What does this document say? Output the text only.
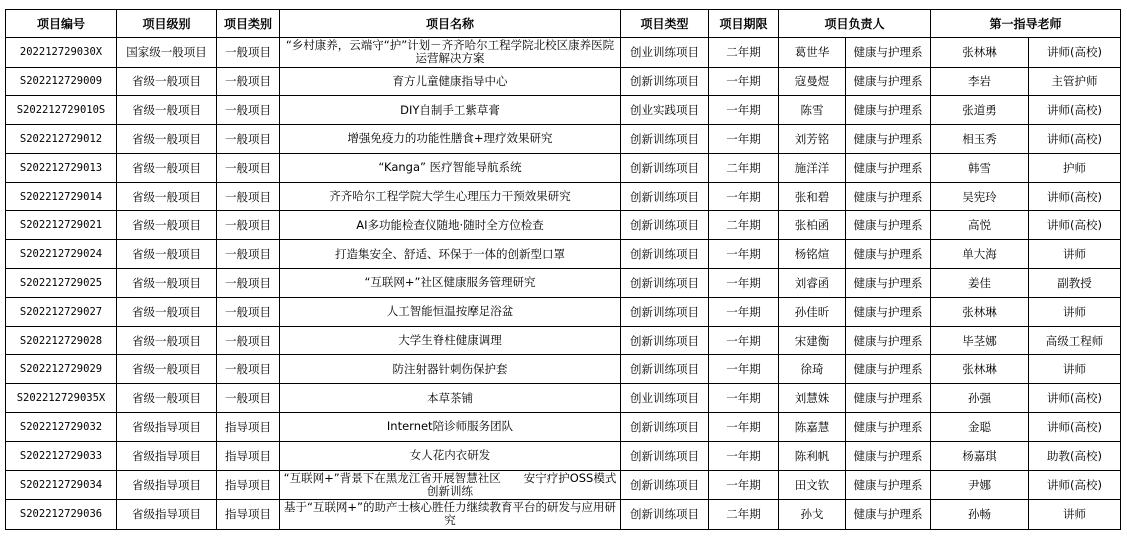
项目编号	项目级别	项目类别	项目名称	项目类型	项目期限	项目负责人		第一指导老师	
202212729030X	国家级一般项目	一般项目	“乡村康养，云端守“护”计划－齐齐哈尔工程学院北校区康养医院运营解决方案	创业训练项目	二年期	葛世华	健康与护理系	张林琳	讲师(高校)
S202212729009	省级一般项目	一般项目	育方儿童健康指导中心	创新训练项目	一年期	寇曼煜	健康与护理系	李岩	主管护师
S202212729010S	省级一般项目	一般项目	DIY自制手工紫草膏	创业实践项目	一年期	陈雪	健康与护理系	张道勇	讲师(高校)
S202212729012	省级一般项目	一般项目	增强免疫力的功能性膳食+理疗效果研究	创新训练项目	一年期	刘芳铭	健康与护理系	相玉秀	讲师(高校)
S202212729013	省级一般项目	一般项目	“Kanga” 医疗智能导航系统	创新训练项目	二年期	施洋洋	健康与护理系	韩雪	护师
S202212729014	省级一般项目	一般项目	齐齐哈尔工程学院大学生心理压力干预效果研究	创新训练项目	一年期	张和碧	健康与护理系	吴宪玲	讲师(高校)
S202212729021	省级一般项目	一般项目	AI多功能检查仪随地·随时全方位检查	创新训练项目	二年期	张柏函	健康与护理系	高悦	讲师(高校)
S202212729024	省级一般项目	一般项目	打造集安全、舒适、环保于一体的创新型口罩	创新训练项目	一年期	杨铭煊	健康与护理系	单大海	讲师
S202212729025	省级一般项目	一般项目	“互联网+”社区健康服务管理研究	创新训练项目	一年期	刘睿函	健康与护理系	姜佳	副教授
S202212729027	省级一般项目	一般项目	人工智能恒温按摩足浴盆	创新训练项目	一年期	孙佳昕	健康与护理系	张林琳	讲师
S202212729028	省级一般项目	一般项目	大学生脊柱健康调理	创新训练项目	一年期	宋建衡	健康与护理系	毕茎娜	高级工程师
S202212729029	省级一般项目	一般项目	防注射器针刺伤保护套	创新训练项目	一年期	徐琦	健康与护理系	张林琳	讲师
S202212729035X	省级一般项目	一般项目	本草茶铺	创业训练项目	一年期	刘慧姝	健康与护理系	孙强	讲师(高校)
S202212729032	省级指导项目	指导项目	Internet陪诊师服务团队	创新训练项目	一年期	陈嘉慧	健康与护理系	金聪	讲师(高校)
S202212729033	省级指导项目	指导项目	女人花内衣研发	创新训练项目	一年期	陈利帆	健康与护理系	杨嘉琪	助教(高校)
S202212729034	省级指导项目	指导项目	“互联网+”背景下在黑龙江省开展智慧社区　　安宁疗护OSS模式创新训练	创新训练项目	一年期	田文钦	健康与护理系	尹娜	讲师(高校)
S202212729036	省级指导项目	指导项目	基于“互联网+”的助产士核心胜任力继续教育平台的研发与应用研究	创新训练项目	二年期	孙戈	健康与护理系	孙畅	讲师
